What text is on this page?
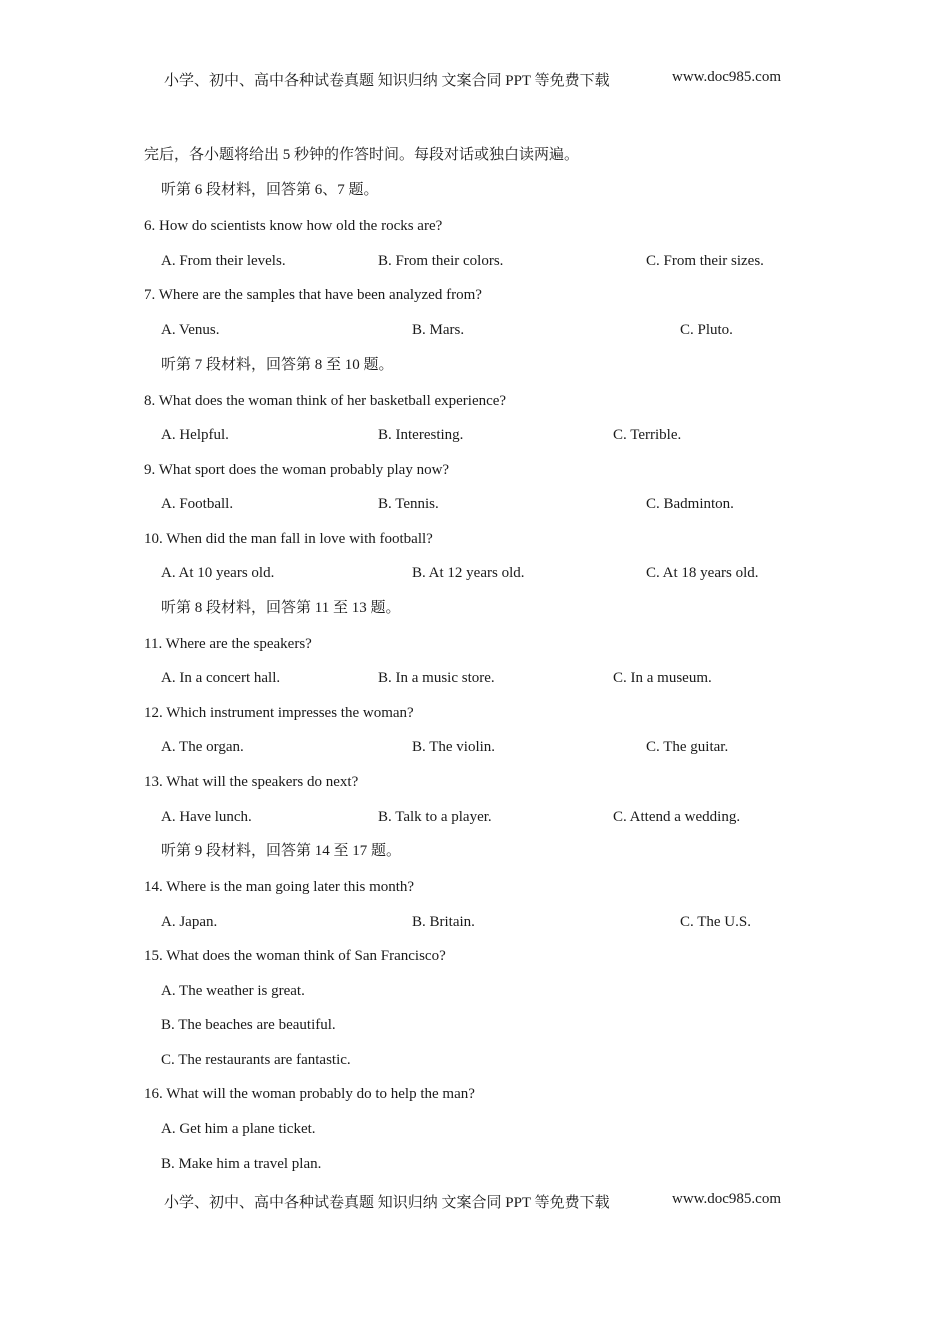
小学、初中、高中各种试卷真题 知识归纳 文案合同 PPT 等免费下载	www.doc985.com
完后，各小题将给出 5 秒钟的作答时间。每段对话或独白读两遍。
听第 6 段材料，回答第 6、7 题。
6. How do scientists know how old the rocks are?
A. From their levels.	B. From their colors.	C. From their sizes.
7. Where are the samples that have been analyzed from?
A. Venus.	B. Mars.	C. Pluto.
听第 7 段材料，回答第 8 至 10 题。
8. What does the woman think of her basketball experience?
A. Helpful.	B. Interesting.	C. Terrible.
9. What sport does the woman probably play now?
A. Football.	B. Tennis.	C. Badminton.
10. When did the man fall in love with football?
A. At 10 years old.	B. At 12 years old.	C. At 18 years old.
听第 8 段材料，回答第 11 至 13 题。
11. Where are the speakers?
A. In a concert hall.	B. In a music store.	C. In a museum.
12. Which instrument impresses the woman?
A. The organ.	B. The violin.	C. The guitar.
13. What will the speakers do next?
A. Have lunch.	B. Talk to a player.	C. Attend a wedding.
听第 9 段材料，回答第 14 至 17 题。
14. Where is the man going later this month?
A. Japan.	B. Britain.	C. The U.S.
15. What does the woman think of San Francisco?
A. The weather is great.
B. The beaches are beautiful.
C. The restaurants are fantastic.
16. What will the woman probably do to help the man?
A. Get him a plane ticket.
B. Make him a travel plan.
小学、初中、高中各种试卷真题 知识归纳 文案合同 PPT 等免费下载	www.doc985.com
